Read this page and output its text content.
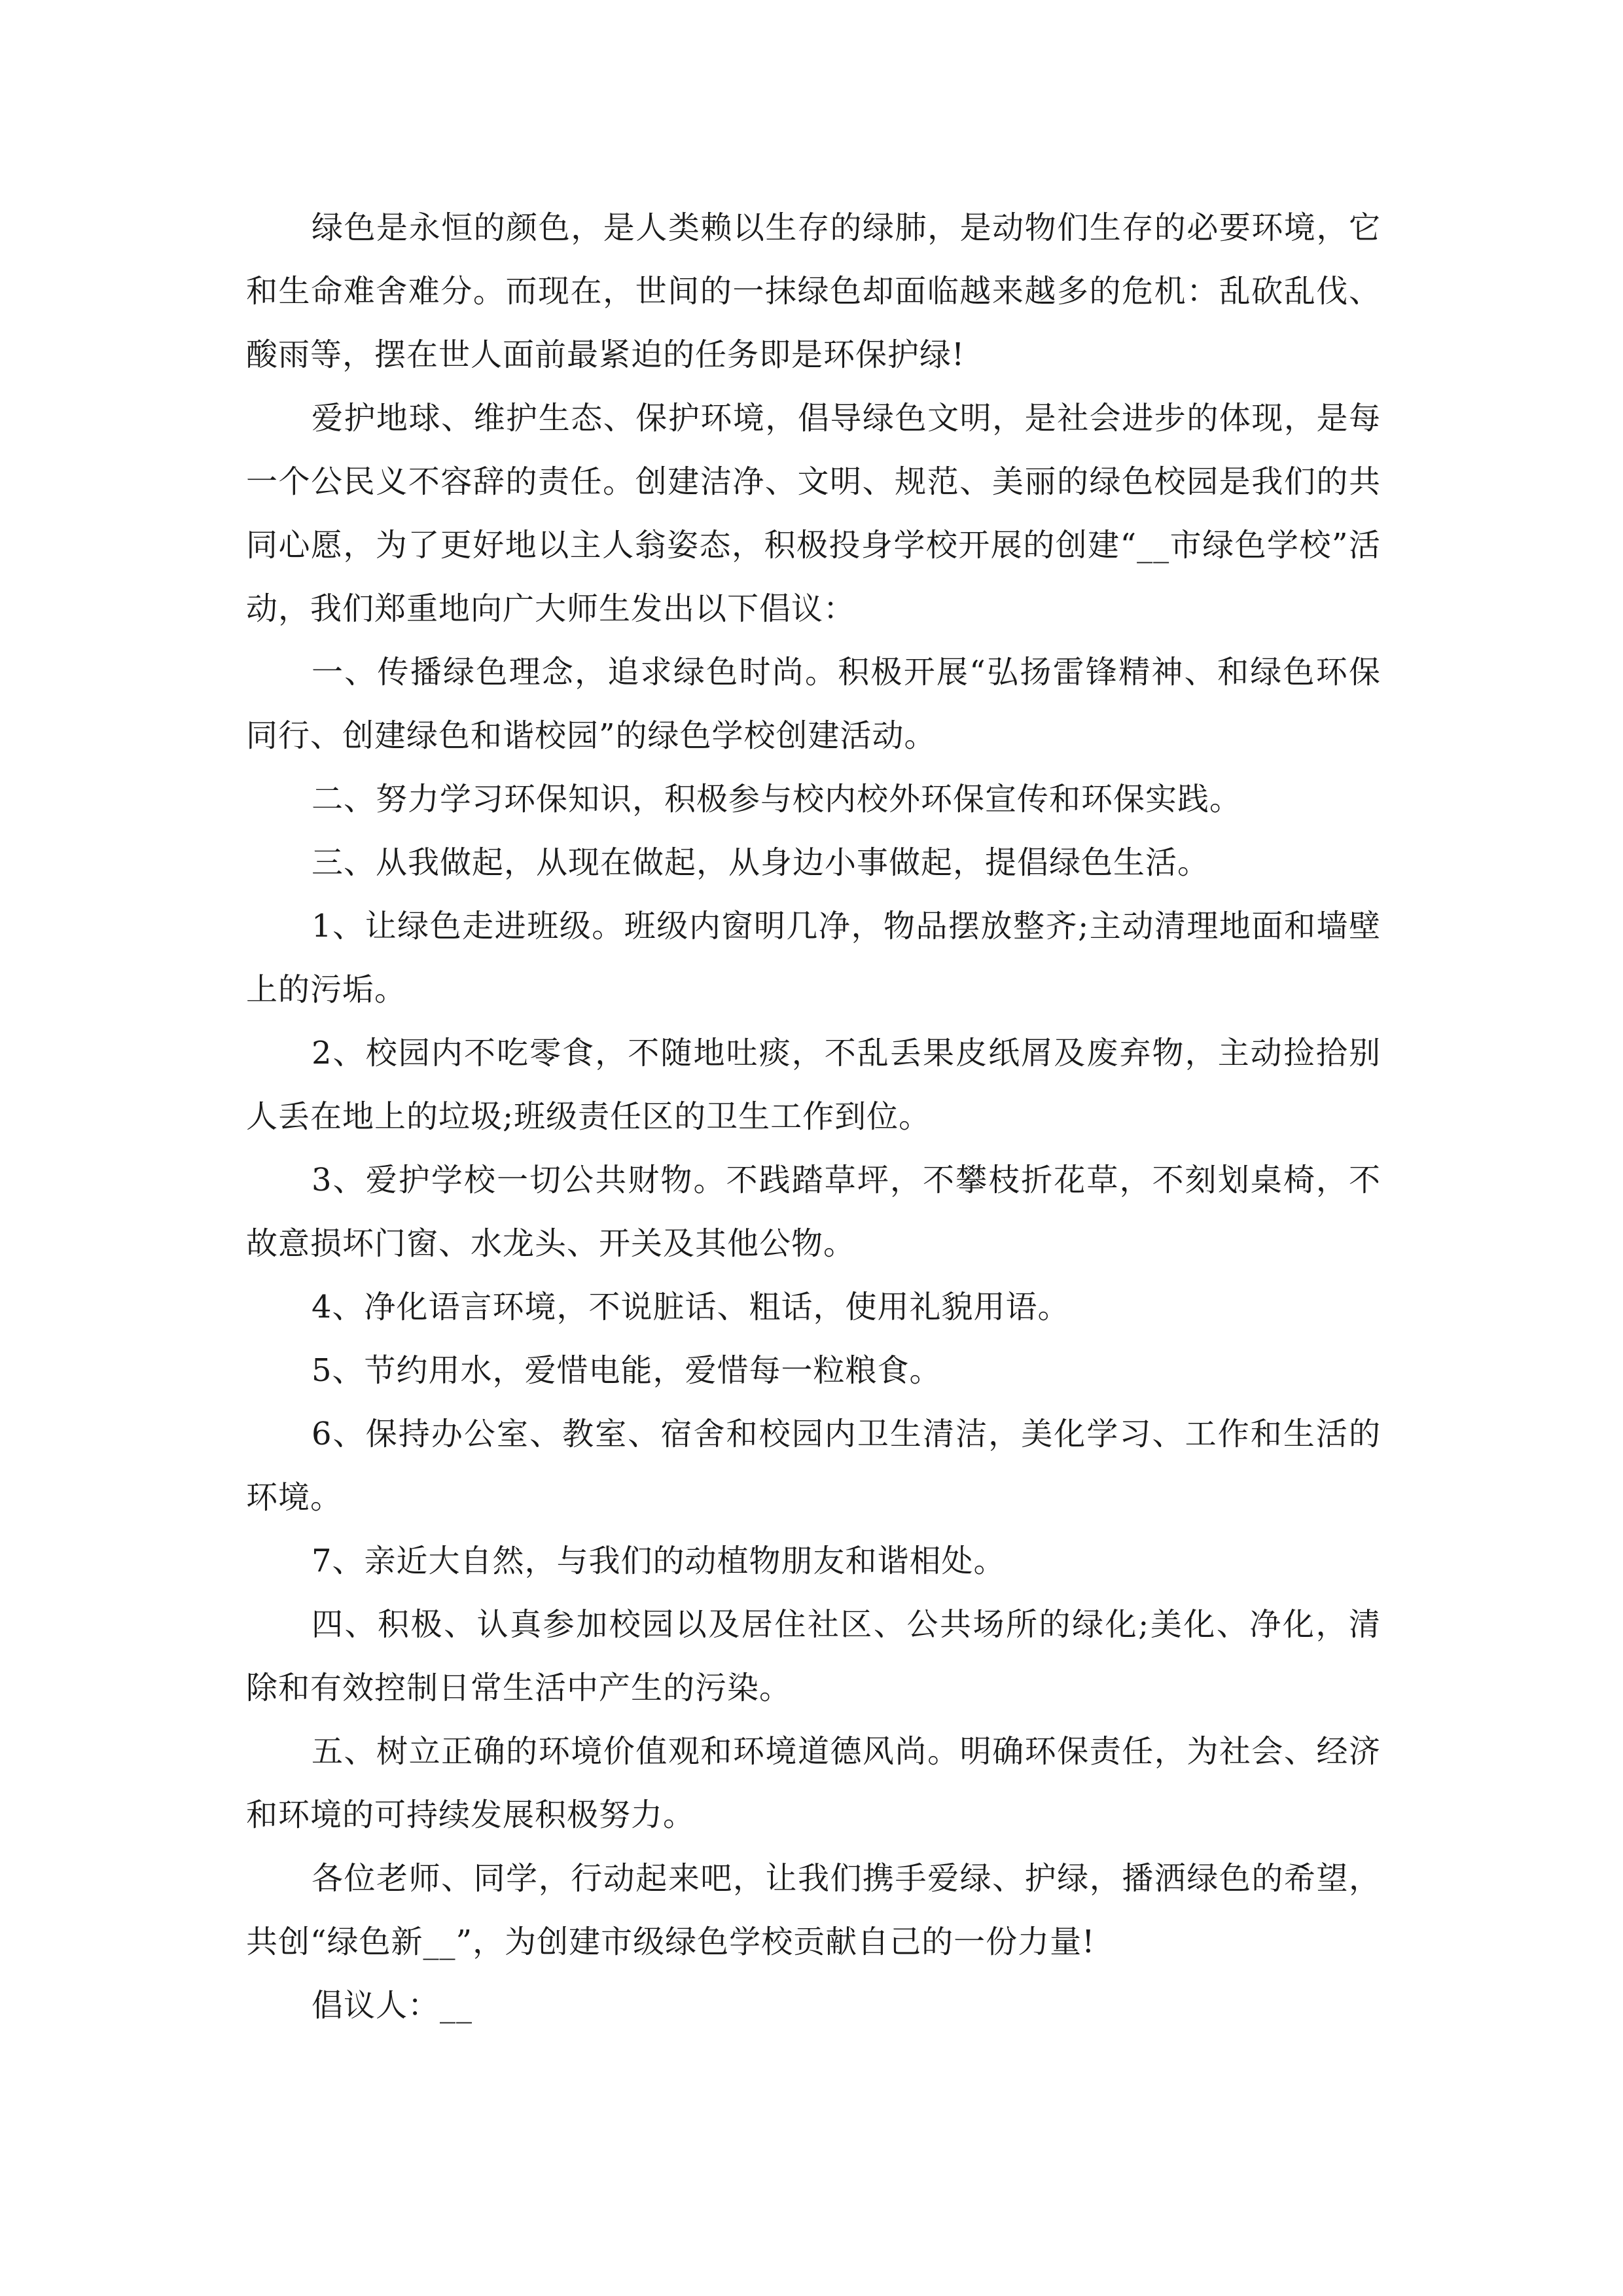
绿色是永恒的颜色，是人类赖以生存的绿肺，是动物们生存的必要环境，它和生命难舍难分。而现在，世间的一抹绿色却面临越来越多的危机：乱砍乱伐、酸雨等，摆在世人面前最紧迫的任务即是环保护绿!

爱护地球、维护生态、保护环境，倡导绿色文明，是社会进步的体现，是每一个公民义不容辞的责任。创建洁净、文明、规范、美丽的绿色校园是我们的共同心愿，为了更好地以主人翁姿态，积极投身学校开展的创建“__市绿色学校”活动，我们郑重地向广大师生发出以下倡议：

一、传播绿色理念，追求绿色时尚。积极开展“弘扬雷锋精神、和绿色环保同行、创建绿色和谐校园”的绿色学校创建活动。

二、努力学习环保知识，积极参与校内校外环保宣传和环保实践。

三、从我做起，从现在做起，从身边小事做起，提倡绿色生活。

1、让绿色走进班级。班级内窗明几净，物品摆放整齐;主动清理地面和墙壁上的污垢。

2、校园内不吃零食，不随地吐痰，不乱丢果皮纸屑及废弃物，主动捡拾别人丢在地上的垃圾;班级责任区的卫生工作到位。

3、爱护学校一切公共财物。不践踏草坪，不攀枝折花草，不刻划桌椅，不故意损坏门窗、水龙头、开关及其他公物。

4、净化语言环境，不说脏话、粗话，使用礼貌用语。

5、节约用水，爱惜电能，爱惜每一粒粮食。

6、保持办公室、教室、宿舍和校园内卫生清洁，美化学习、工作和生活的环境。

7、亲近大自然，与我们的动植物朋友和谐相处。

四、积极、认真参加校园以及居住社区、公共场所的绿化;美化、净化，清除和有效控制日常生活中产生的污染。

五、树立正确的环境价值观和环境道德风尚。明确环保责任，为社会、经济和环境的可持续发展积极努力。

各位老师、同学，行动起来吧，让我们携手爱绿、护绿，播洒绿色的希望，共创“绿色新__”，为创建市级绿色学校贡献自己的一份力量!

倡议人：__
